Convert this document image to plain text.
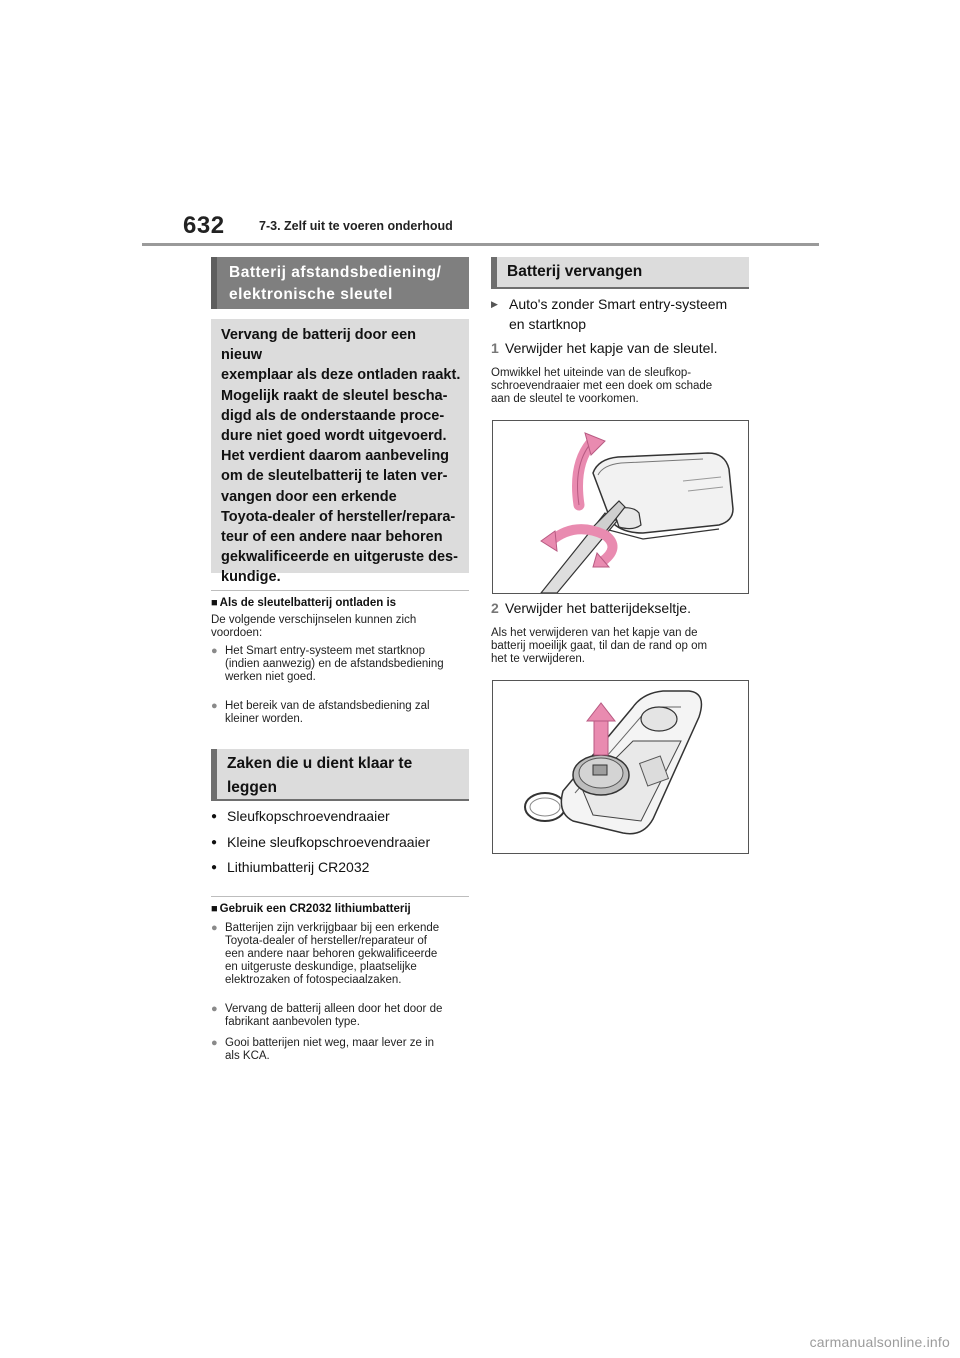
632	7-3. Zelf uit te voeren onderhoud
Batterij afstandsbediening/
elektronische sleutel
Vervang de batterij door een nieuw
exemplaar als deze ontladen raakt.
Mogelijk raakt de sleutel bescha-
digd als de onderstaande proce-
dure niet goed wordt uitgevoerd.
Het verdient daarom aanbeveling
om de sleutelbatterij te laten ver-
vangen door een erkende
Toyota-dealer of hersteller/repara-
teur of een andere naar behoren
gekwalificeerde en uitgeruste des-
kundige.
■ Als de sleutelbatterij ontladen is
De volgende verschijnselen kunnen zich
voordoen:
● Het Smart entry-systeem met startknop
(indien aanwezig) en de afstandsbediening
werken niet goed.
● Het bereik van de afstandsbediening zal
kleiner worden.
Zaken die u dient klaar te
leggen
● Sleufkopschroevendraaier
● Kleine sleufkopschroevendraaier
● Lithiumbatterij CR2032
■ Gebruik een CR2032 lithiumbatterij
● Batterijen zijn verkrijgbaar bij een erkende
Toyota-dealer of hersteller/reparateur of
een andere naar behoren gekwalificeerde
en uitgeruste deskundige, plaatselijke
elektrozaken of fotospeciaalzaken.
● Vervang de batterij alleen door het door de
fabrikant aanbevolen type.
● Gooi batterijen niet weg, maar lever ze in
als KCA.
Batterij vervangen
▶ Auto's zonder Smart entry-systeem
en startknop
1 Verwijder het kapje van de sleutel.
Omwikkel het uiteinde van de sleufkop-
schroevendraaier met een doek om schade
aan de sleutel te voorkomen.
2 Verwijder het batterijdekseltje.
Als het verwijderen van het kapje van de
batterij moeilijk gaat, til dan de rand op om
het te verwijderen.
carmanualsonline.info
